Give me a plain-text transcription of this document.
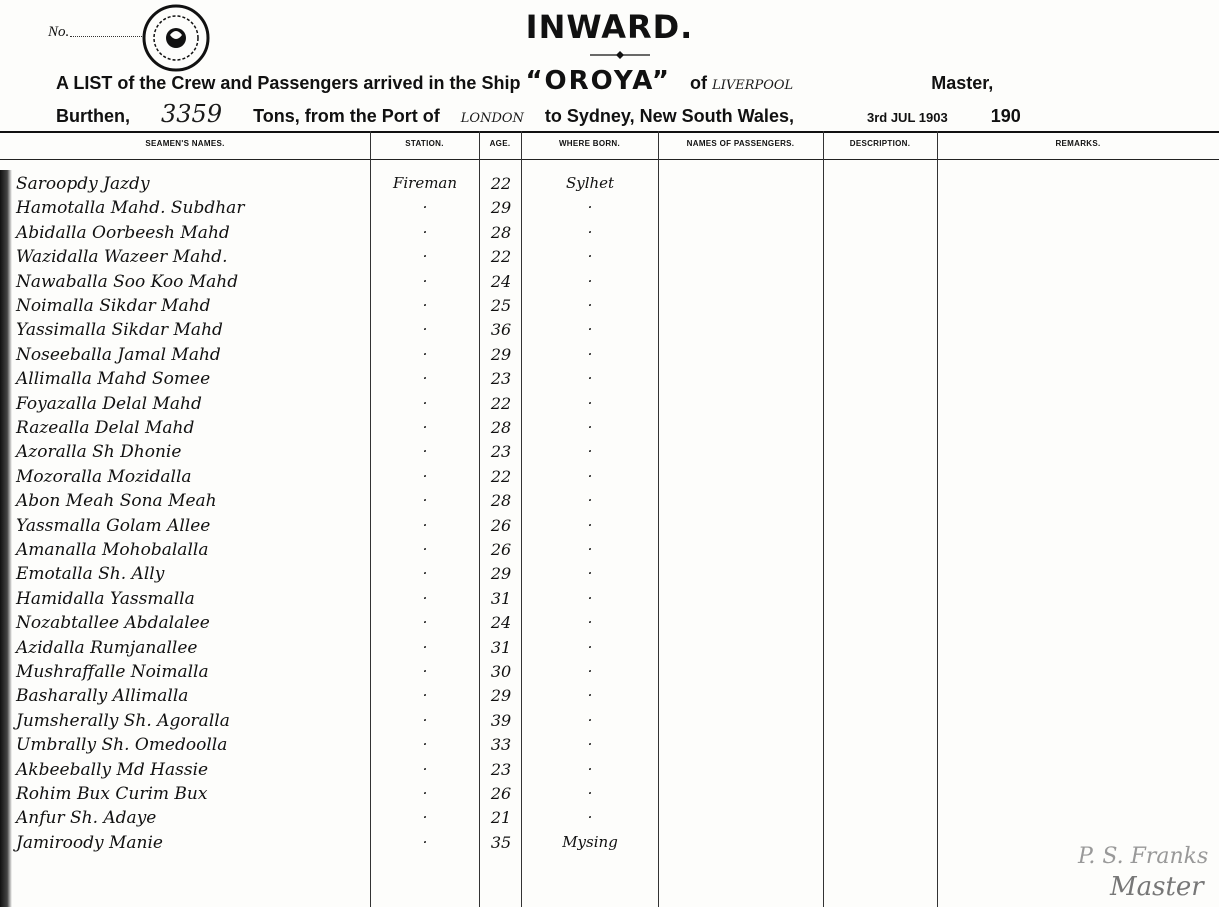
No.	INWARD.
A LIST of the Crew and Passengers arrived in the Ship “OROYA” of LIVERPOOL	Master,
Burthen, 3359 Tons, from the Port of LONDON to Sydney, New South Wales,	3rd JUL 1903 190
SEAMEN'S NAMES.	STATION.	AGE.	WHERE BORN.	NAMES OF PASSENGERS.	DESCRIPTION.	REMARKS.
Saroopdy Jazdy	Fireman	22	Sylhet
Hamotalla Mahd. Subdhar	·	29	·
Abidalla Oorbeesh Mahd	·	28	·
Wazidalla Wazeer Mahd.	·	22	·
Nawaballa Soo Koo Mahd	·	24	·
Noimalla Sikdar Mahd	·	25	·
Yassimalla Sikdar Mahd	·	36	·
Noseeballa Jamal Mahd	·	29	·
Allimalla Mahd Somee	·	23	·
Foyazalla Delal Mahd	·	22	·
Razealla Delal Mahd	·	28	·
Azoralla Sh Dhonie	·	23	·
Mozoralla Mozidalla	·	22	·
Abon Meah Sona Meah	·	28	·
Yassmalla Golam Allee	·	26	·
Amanalla Mohobalalla	·	26	·
Emotalla Sh. Ally	·	29	·
Hamidalla Yassmalla	·	31	·
Nozabtallee Abdalalee	·	24	·
Azidalla Rumjanallee	·	31	·
Mushraffalle Noimalla	·	30	·
Basharally Allimalla	·	29	·
Jumsherally Sh. Agoralla	·	39	·
Umbrally Sh. Omedoolla	·	33	·
Akbeebally Md Hassie	·	23	·
Rohim Bux Curim Bux	·	26	·
Anfur Sh. Adaye	·	21	·
Jamiroody Manie	·	35	Mysing
P. S. Franks
Master
